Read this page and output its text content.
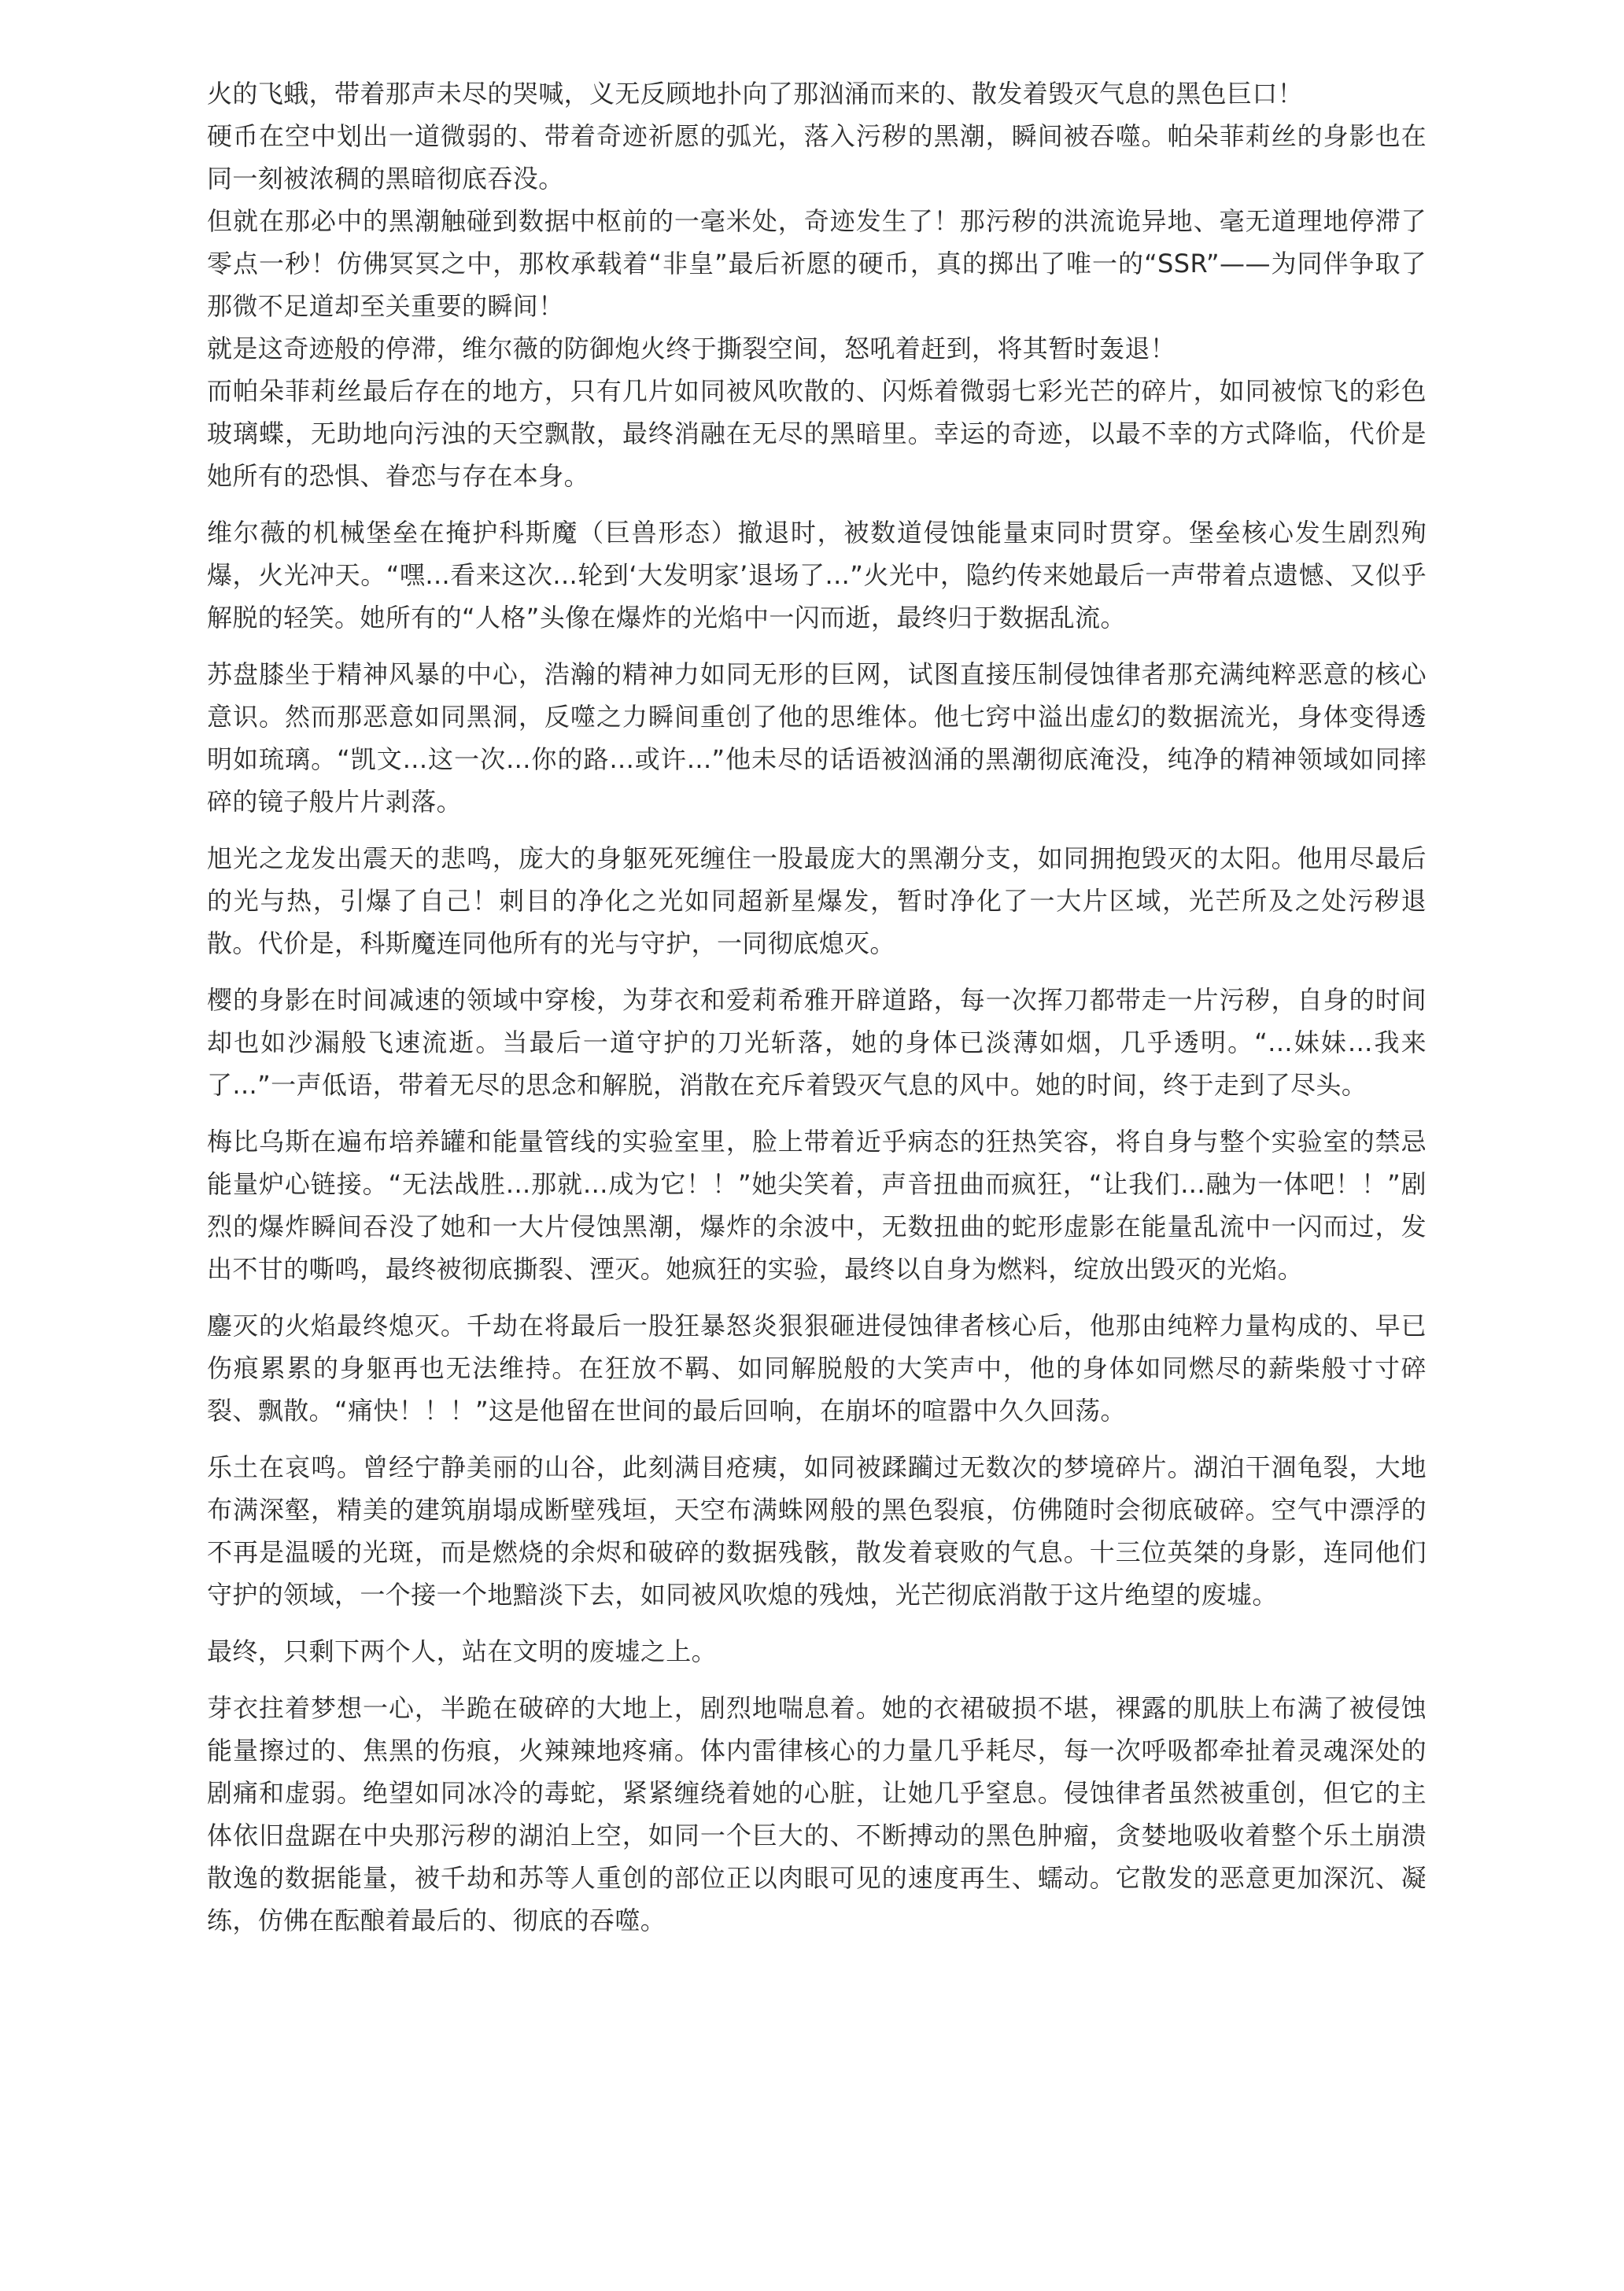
火的飞蛾，带着那声未尽的哭喊，义无反顾地扑向了那汹涌而来的、散发着毁灭气息的黑色巨口！

硬币在空中划出一道微弱的、带着奇迹祈愿的弧光，落入污秽的黑潮，瞬间被吞噬。帕朵菲莉丝的身影也在同一刻被浓稠的黑暗彻底吞没。

但就在那必中的黑潮触碰到数据中枢前的一毫米处，奇迹发生了！那污秽的洪流诡异地、毫无道理地停滞了零点一秒！仿佛冥冥之中，那枚承载着“非皇”最后祈愿的硬币，真的掷出了唯一的“SSR”——为同伴争取了那微不足道却至关重要的瞬间！

就是这奇迹般的停滞，维尔薇的防御炮火终于撕裂空间，怒吼着赶到，将其暂时轰退！

而帕朵菲莉丝最后存在的地方，只有几片如同被风吹散的、闪烁着微弱七彩光芒的碎片，如同被惊飞的彩色玻璃蝶，无助地向污浊的天空飘散，最终消融在无尽的黑暗里。幸运的奇迹，以最不幸的方式降临，代价是她所有的恐惧、眷恋与存在本身。

维尔薇的机械堡垒在掩护科斯魔（巨兽形态）撤退时，被数道侵蚀能量束同时贯穿。堡垒核心发生剧烈殉爆，火光冲天。“嘿...看来这次...轮到‘大发明家’退场了...”火光中，隐约传来她最后一声带着点遗憾、又似乎解脱的轻笑。她所有的“人格”头像在爆炸的光焰中一闪而逝，最终归于数据乱流。

苏盘膝坐于精神风暴的中心，浩瀚的精神力如同无形的巨网，试图直接压制侵蚀律者那充满纯粹恶意的核心意识。然而那恶意如同黑洞，反噬之力瞬间重创了他的思维体。他七窍中溢出虚幻的数据流光，身体变得透明如琉璃。“凯文...这一次...你的路...或许...”他未尽的话语被汹涌的黑潮彻底淹没，纯净的精神领域如同摔碎的镜子般片片剥落。

旭光之龙发出震天的悲鸣，庞大的身躯死死缠住一股最庞大的黑潮分支，如同拥抱毁灭的太阳。他用尽最后的光与热，引爆了自己！刺目的净化之光如同超新星爆发，暂时净化了一大片区域，光芒所及之处污秽退散。代价是，科斯魔连同他所有的光与守护，一同彻底熄灭。

樱的身影在时间减速的领域中穿梭，为芽衣和爱莉希雅开辟道路，每一次挥刀都带走一片污秽，自身的时间却也如沙漏般飞速流逝。当最后一道守护的刀光斩落，她的身体已淡薄如烟，几乎透明。“...妹妹...我来了...”一声低语，带着无尽的思念和解脱，消散在充斥着毁灭气息的风中。她的时间，终于走到了尽头。

梅比乌斯在遍布培养罐和能量管线的实验室里，脸上带着近乎病态的狂热笑容，将自身与整个实验室的禁忌能量炉心链接。“无法战胜...那就...成为它！！”她尖笑着，声音扭曲而疯狂，“让我们...融为一体吧！！”剧烈的爆炸瞬间吞没了她和一大片侵蚀黑潮，爆炸的余波中，无数扭曲的蛇形虚影在能量乱流中一闪而过，发出不甘的嘶鸣，最终被彻底撕裂、湮灭。她疯狂的实验，最终以自身为燃料，绽放出毁灭的光焰。

鏖灭的火焰最终熄灭。千劫在将最后一股狂暴怒炎狠狠砸进侵蚀律者核心后，他那由纯粹力量构成的、早已伤痕累累的身躯再也无法维持。在狂放不羁、如同解脱般的大笑声中，他的身体如同燃尽的薪柴般寸寸碎裂、飘散。“痛快！！！”这是他留在世间的最后回响，在崩坏的喧嚣中久久回荡。

乐土在哀鸣。曾经宁静美丽的山谷，此刻满目疮痍，如同被蹂躏过无数次的梦境碎片。湖泊干涸龟裂，大地布满深壑，精美的建筑崩塌成断壁残垣，天空布满蛛网般的黑色裂痕，仿佛随时会彻底破碎。空气中漂浮的不再是温暖的光斑，而是燃烧的余烬和破碎的数据残骸，散发着衰败的气息。十三位英桀的身影，连同他们守护的领域，一个接一个地黯淡下去，如同被风吹熄的残烛，光芒彻底消散于这片绝望的废墟。

最终，只剩下两个人，站在文明的废墟之上。

芽衣拄着梦想一心，半跪在破碎的大地上，剧烈地喘息着。她的衣裙破损不堪，裸露的肌肤上布满了被侵蚀能量擦过的、焦黑的伤痕，火辣辣地疼痛。体内雷律核心的力量几乎耗尽，每一次呼吸都牵扯着灵魂深处的剧痛和虚弱。绝望如同冰冷的毒蛇，紧紧缠绕着她的心脏，让她几乎窒息。侵蚀律者虽然被重创，但它的主体依旧盘踞在中央那污秽的湖泊上空，如同一个巨大的、不断搏动的黑色肿瘤，贪婪地吸收着整个乐土崩溃散逸的数据能量，被千劫和苏等人重创的部位正以肉眼可见的速度再生、蠕动。它散发的恶意更加深沉、凝练，仿佛在酝酿着最后的、彻底的吞噬。
